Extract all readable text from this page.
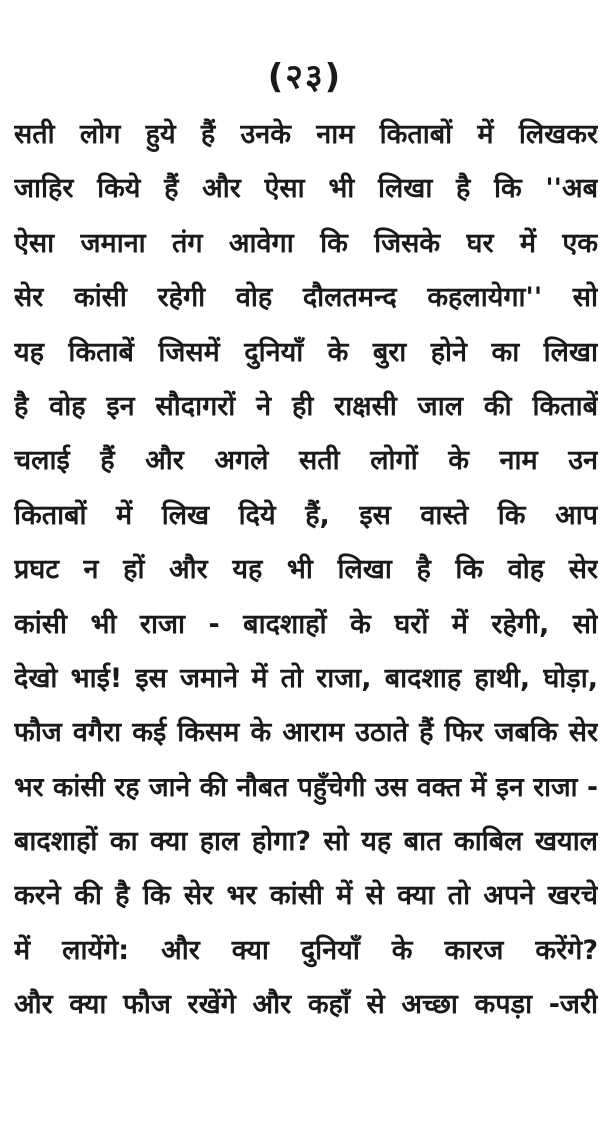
(२३)
सती लोग हुये हैं उनके नाम किताबों में लिखकर
जाहिर किये हैं और ऐसा भी लिखा है कि ''अब
ऐसा जमाना तंग आवेगा कि जिसके घर में एक
सेर कांसी रहेगी वोह दौलतमन्द कहलायेगा'' सो
यह किताबें जिसमें दुनियाँ के बुरा होने का लिखा
है वोह इन सौदागरों ने ही राक्षसी जाल की किताबें
चलाई हैं और अगले सती लोगों के नाम उन
किताबों में लिख दिये हैं, इस वास्ते कि आप
प्रघट न हों और यह भी लिखा है कि वोह सेर
कांसी भी राजा - बादशाहों के घरों में रहेगी, सो
देखो भाई! इस जमाने में तो राजा, बादशाह हाथी, घोड़ा,
फौज वगैरा कई किसम के आराम उठाते हैं फिर जबकि सेर
भर कांसी रह जाने की नौबत पहुँचेगी उस वक्त में इन राजा -
बादशाहों का क्या हाल होगा? सो यह बात काबिल खयाल
करने की है कि सेर भर कांसी में से क्या तो अपने खरचे
में लायेंगे: और क्या दुनियाँ के कारज करेंगे?
और क्या फौज रखेंगे और कहाँ से अच्छा कपड़ा -जरी
